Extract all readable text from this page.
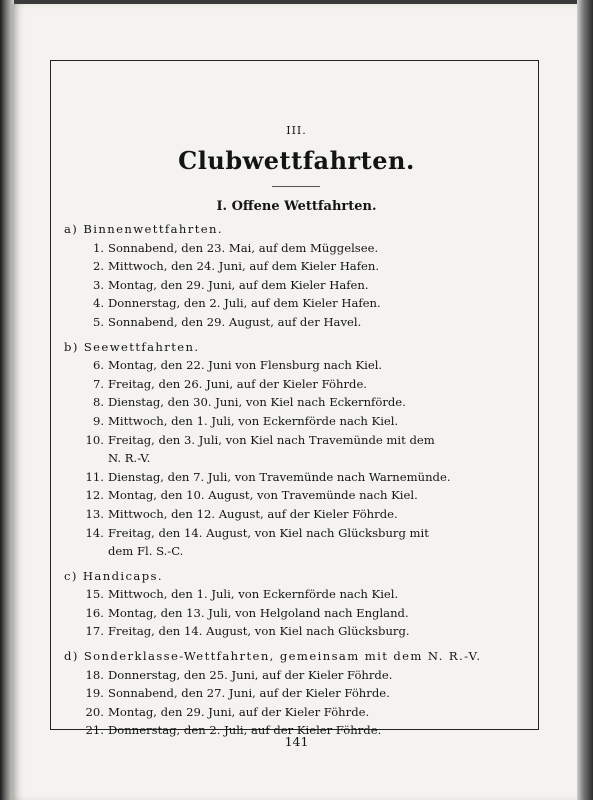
III.
Clubwettfahrten.
I. Offene Wettfahrten.
a) Binnenwettfahrten.
1. Sonnabend, den 23. Mai, auf dem Müggelsee.
2. Mittwoch, den 24. Juni, auf dem Kieler Hafen.
3. Montag, den 29. Juni, auf dem Kieler Hafen.
4. Donnerstag, den 2. Juli, auf dem Kieler Hafen.
5. Sonnabend, den 29. August, auf der Havel.
b) Seewettfahrten.
6. Montag, den 22. Juni von Flensburg nach Kiel.
7. Freitag, den 26. Juni, auf der Kieler Föhrde.
8. Dienstag, den 30. Juni, von Kiel nach Eckernförde.
9. Mittwoch, den 1. Juli, von Eckernförde nach Kiel.
10. Freitag, den 3. Juli, von Kiel nach Travemünde mit dem
N. R.-V.
11. Dienstag, den 7. Juli, von Travemünde nach Warnemünde.
12. Montag, den 10. August, von Travemünde nach Kiel.
13. Mittwoch, den 12. August, auf der Kieler Föhrde.
14. Freitag, den 14. August, von Kiel nach Glücksburg mit
dem Fl. S.-C.
c) Handicaps.
15. Mittwoch, den 1. Juli, von Eckernförde nach Kiel.
16. Montag, den 13. Juli, von Helgoland nach England.
17. Freitag, den 14. August, von Kiel nach Glücksburg.
d) Sonderklasse-Wettfahrten, gemeinsam mit dem N. R.-V.
18. Donnerstag, den 25. Juni, auf der Kieler Föhrde.
19. Sonnabend, den 27. Juni, auf der Kieler Föhrde.
20. Montag, den 29. Juni, auf der Kieler Föhrde.
21. Donnerstag, den 2. Juli, auf der Kieler Föhrde.
141
